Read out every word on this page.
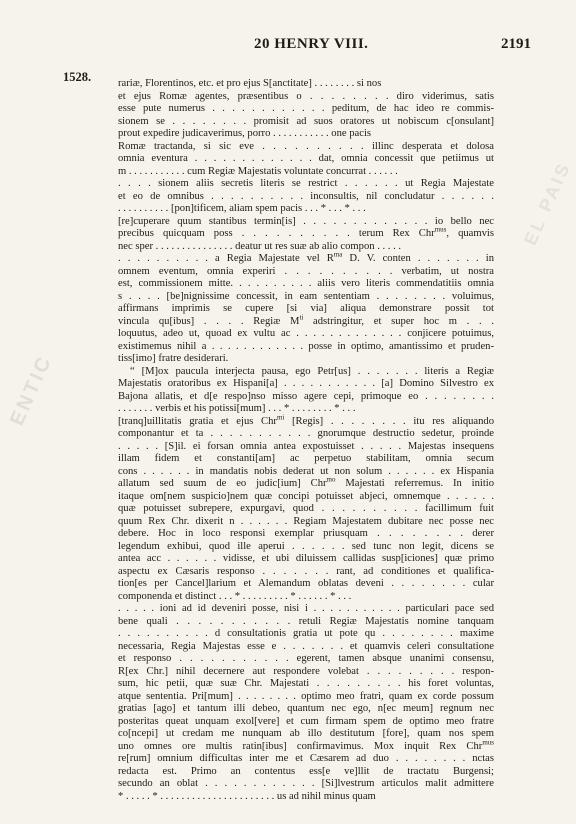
ENTIC
EL PAIS
20 HENRY VIII.	2191
1528.	rariæ, Florentinos, etc. et pro ejus S[anctitate] . . . . . . . . si nos
et ejus Romæ agentes, præsentibus o . . . . . . . . diro viderimus, satis
esse pute numerus . . . . . . . . . . . . peditum, de hac ideo re commis-
sionem se . . . . . . . . promisit ad suos oratores ut nobiscum c[onsulant]
prout expedire judicaverimus, porro . . . . . . . . . . . one pacis
Romæ tractanda, si sic eve . . . . . . . . . . illinc desperata et dolosa
omnia eventura . . . . . . . . . . . . . dat, omnia concessit que petiimus ut
m . . . . . . . . . . . cum Regiæ Majestatis voluntate concurrat . . . . . .
. . . . sionem aliis secretis literis se restrict . . . . . . ut Regia Majestate
et eo de omnibus . . . . . . . . . . inconsultis, nil concludatur . . . . . .
. . . . . . . . . . [pon]tificem, aliam spem pacis . . . * . . . * . . .
[re]cuperare quum stantibus termin[is] . . . . . . . . . . . . . io bello nec
precibus quicquam poss . . . . . . . . . . terum Rex Chr$^{mus}$, quamvis
nec sper . . . . . . . . . . . . . . . deatur ut res suæ ab alio compon . . . . .
. . . . . . . . . . a Regia Majestate vel $R^{ma}$ D. V. conten . . . . . . . in
omnem eventum, omnia experiri . . . . . . . . . . verbatim, ut nostra
est, commissionem mitte. . . . . . . . . . aliis vero literis commendatitiis omnia
s . . . . [be]nignissime concessit, in eam sententiam . . . . . . . . voluimus,
affirmans imprimis se cupere [si via] aliqua demonstrare possit tot
vincula qu[ibus] . . . . Regiæ $M^{ti}$ adstringitur, et super hoc m . . .
loquutus, adeo ut, quoad ex vultu ac . . . . . . . . . . . . . conjicere potuimus,
existimemus nihil a . . . . . . . . . . . . posse in optimo, amantissimo et pruden-
tiss[imo] fratre desiderari.
“ [M]ox paucula interjecta pausa, ego Petr[us] . . . . . . . literis a Regiæ
Majestatis oratoribus ex Hispani[a] . . . . . . . . . . . [a] Domino Silvestro ex
Bajona allatis, et d[e respo]nso misso agere cepi, primoque eo . . . . . . . .
. . . . . . . verbis et his potissi[mum] . . . * . . . . . . . . * . . .
[tranq]uillitatis gratia et ejus Chr$^{mi}$ [Regis] . . . . . . . . itu res aliquando
componantur et ta . . . . . . . . . . . gnorumque destructio sedetur, proinde
. . . . . [S]il. ei forsan omnia antea expostuisset . . . . . Majestas insequens
illam fidem et constanti[am] ac perpetuo stabilitam, omnia secum
cons . . . . . . in mandatis nobis dederat ut non solum . . . . . . ex Hispania
allatum sed suum de eo judic[ium] Chr$^{mo}$ Majestati referremus. In initio
itaque om[nem suspicio]nem quæ concipi potuisset abjeci, omnemque . . . . . .
quæ potuisset subrepere, expurgavi, quod . . . . . . . . . . facillimum fuit
quum Rex Chr. dixerit n . . . . . . Regiam Majestatem dubitare nec posse nec
debere. Hoc in loco responsi exemplar priusquam . . . . . . . . derer
legendum exhibui, quod ille aperui . . . . . . sed tunc non legit, dicens se
antea acc . . . . . . vidisse, et ubi diluissem callidas susp[iciones] quæ primo
aspectu ex Cæsaris responso . . . . . . . rant, ad conditiones et qualifica-
tion[es per Cancel]larium et Alemandum oblatas deveni . . . . . . . . cular
componenda et distinct . . . * . . . . . . . . . * . . . . . . * . . .
. . . . . ioni ad id deveniri posse, nisi i . . . . . . . . . . . particulari pace sed
bene quali . . . . . . . . . . . retuli Regiæ Majestatis nomine tanquam
. . . . . . . . . . d consultationis gratia ut pote qu . . . . . . . . maxime
necessaria, Regia Majestas esse e . . . . . . . et quamvis celeri consultatione
et responso . . . . . . . . . . . egerent, tamen absque unanimi consensu,
R[ex Chr.] nihil decernere aut respondere volebat . . . . . . . . . respon-
sum, hic petii, quæ suæ Chr. Majestati . . . . . . . . . his foret voluntas,
atque sententia. Pri[mum] . . . . . . . . optimo meo fratri, quam ex corde possum
gratias [ago] et tantum illi debeo, quantum nec ego, n[ec meum] regnum nec
posteritas queat unquam exol[vere] et cum firmam spem de optimo meo fratre
co[ncepi] ut credam me nunquam ab illo destitutum [fore], quam nos spem
uno omnes ore multis ratin[ibus] confirmavimus. Mox inquit Rex Chr$^{mus}$
re[rum] omnium difficultas inter me et Cæsarem ad duo . . . . . . . . nctas
redacta est. Primo an contentus ess[e ve]llit de tractatu Burgensi;
secundo an oblat . . . . . . . . . . . . [Si]lvestrum articulos malit admittere
* . . . . . * . . . . . . . . . . . . . . . . . . . . . . us ad nihil minus quam
